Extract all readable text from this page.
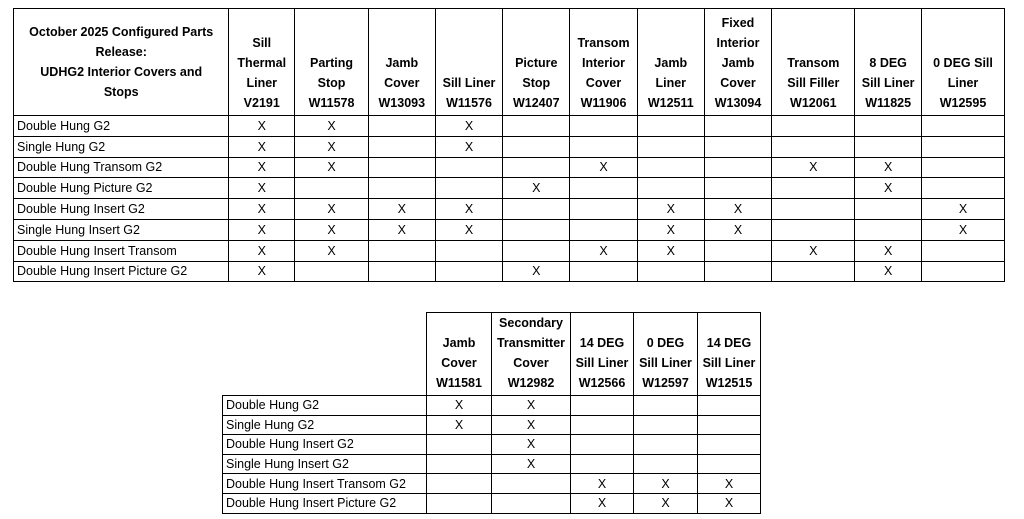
October 2025 Configured Parts
Release:
UDHG2 Interior Covers and
Stops	Sill
Thermal
Liner
V2191	Parting
Stop
W11578	Jamb
Cover
W13093	Sill Liner
W11576	Picture
Stop
W12407	Transom
Interior
Cover
W11906	Jamb
Liner
W12511	Fixed
Interior
Jamb
Cover
W13094	Transom
Sill Filler
W12061	8 DEG
Sill Liner
W11825	0 DEG Sill
Liner
W12595
Double Hung G2	X	X		X							
Single Hung G2	X	X		X							
Double Hung Transom G2	X	X				X			X	X	
Double Hung Picture G2	X				X					X	
Double Hung Insert G2	X	X	X	X			X	X			X
Single Hung Insert G2	X	X	X	X			X	X			X
Double Hung Insert Transom	X	X				X	X		X	X	
Double Hung Insert Picture G2	X				X					X	
	Jamb
Cover
W11581	Secondary
Transmitter
Cover
W12982	14 DEG
Sill Liner
W12566	0 DEG
Sill Liner
W12597	14 DEG
Sill Liner
W12515
Double Hung G2	X	X			
Single Hung G2	X	X			
Double Hung Insert G2		X			
Single Hung Insert G2		X			
Double Hung Insert Transom G2			X	X	X
Double Hung Insert Picture G2			X	X	X
